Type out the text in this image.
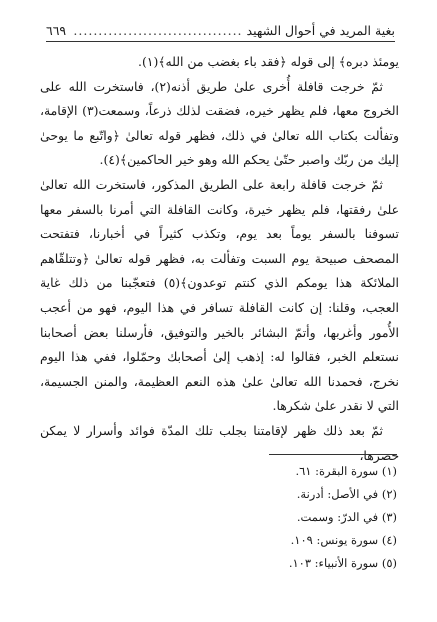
بغية المريد في أحوال الشهيد
..................................
٦٦٩

يومئذ دبره﴾ إلى قوله ﴿فقد باء بغضب من الله﴾(١).

ثمّ خرجت قافلة أُخرى علىٰ طريق أذنه(٢)، فاستخرت الله على الخروج معها، فلم يظهر خيره، فضقت لذلك ذرعاً، وسمعت(٣) الإقامة، وتفألت بكتاب الله تعالىٰ في ذلك، فظهر قوله تعالىٰ ﴿واتّبع ما يوحىٰ إليك من ربّك واصبر حتّىٰ يحكم الله وهو خير الحاكمين﴾(٤).

ثمّ خرجت قافلة رابعة على الطريق المذكور، فاستخرت الله تعالىٰ علىٰ رفقتها، فلم يظهر خيرة، وكانت القافلة التي أمرنا بالسفر معها تسوفنا بالسفر يوماً بعد يوم، وتكذب كثيراً في أخبارنا، فتفتحت المصحف صبيحة يوم السبت وتفألت به، فظهر قوله تعالىٰ ﴿وتتلقّاهم الملائكة هذا يومكم الذي كنتم توعدون﴾(٥) فتعجّبنا من ذلك غاية العجب، وقلنا: إن كانت القافلة تسافر في هذا اليوم، فهو من أعجب الأُمور وأغربها، وأتمّ البشائر بالخير والتوفيق، فأرسلنا بعض أصحابنا نستعلم الخبر، فقالوا له: إذهب إلىٰ أصحابك وحمّلوا، ففي هذا اليوم نخرج، فحمدنا الله تعالىٰ علىٰ هذه النعم العظيمة، والمنن الجسيمة، التي لا نقدر علىٰ شكرها.

ثمّ بعد ذلك ظهر لإقامتنا بجلب تلك المدّة فوائد وأسرار لا يمكن حصرها،

(١) سورة البقرة: ٦١.
(٢) في الأصل: أدرنة.
(٣) في الدرّ: وسمت.
(٤) سورة يونس: ١٠٩.
(٥) سورة الأنبياء: ١٠٣.
